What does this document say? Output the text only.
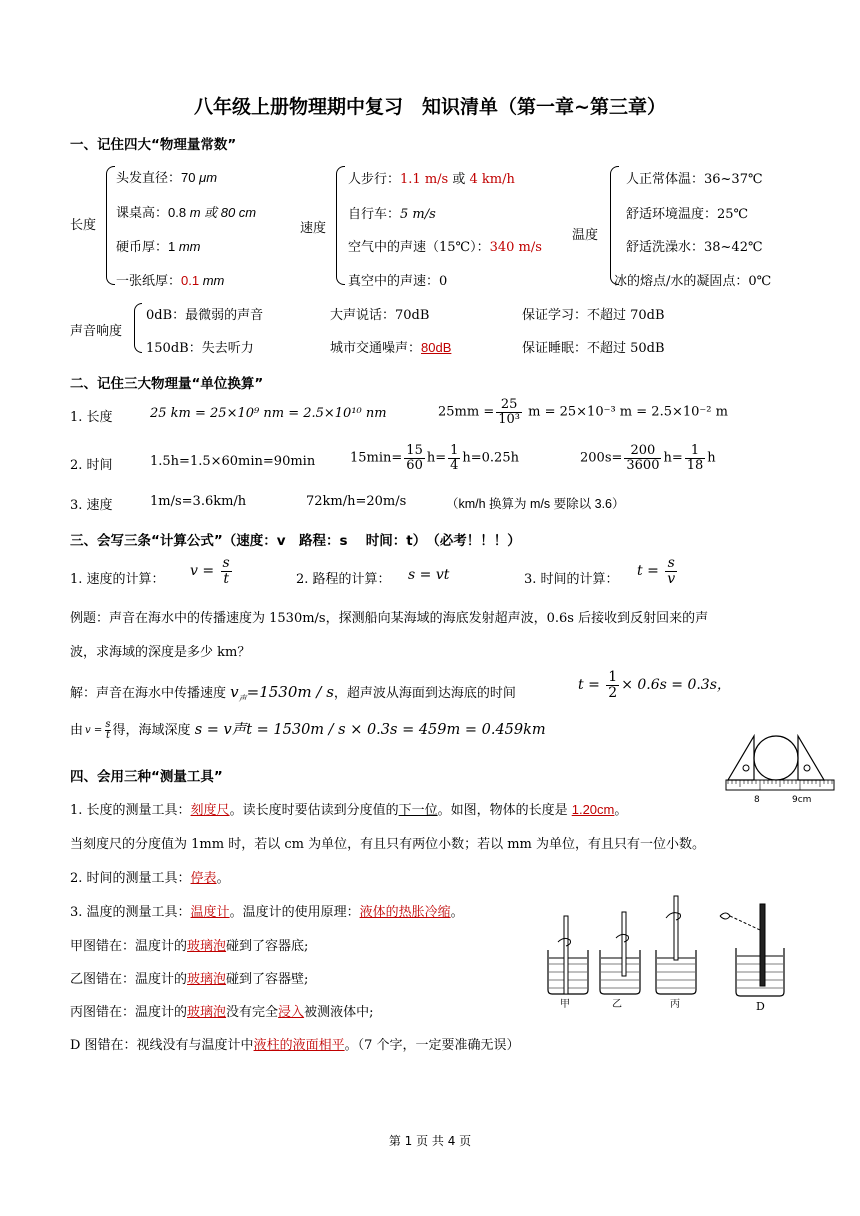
八年级上册物理期中复习　知识清单（第一章~第三章）
一、记住四大“物理量常数”
长度
头发直径：70 μm
课桌高：0.8 m 或 80 cm
硬币厚：1 mm
一张纸厚：0.1 mm
速度
人步行：1.1 m/s 或 4 km/h
自行车：5 m/s
空气中的声速（15℃）：340 m/s
真空中的声速：0
温度
人正常体温：36~37℃
舒适环境温度：25℃
舒适洗澡水：38~42℃
冰的熔点/水的凝固点：0℃
声音响度
0dB：最微弱的声音	大声说话：70dB	保证学习：不超过 70dB
150dB：失去听力	城市交通噪声：80dB	保证睡眠：不超过 50dB
二、记住三大物理量“单位换算”
1. 长度	25 km = 25×10⁹ nm = 2.5×10¹⁰ nm	$25mm = \frac{25}{\text{10³}}$ m = 25×10⁻³ m = 2.5×10⁻² m
2. 时间	1.5h=1.5×60min=90min	$15\min= \frac{15}{60} h= \frac{1}{4} h=0.25h$	$200s= \frac{200}{3600} h= \frac{1}{18}$ h
3. 速度	1m/s=3.6km/h	72km/h=20m/s	（km/h 换算为 m/s 要除以 3.6）
三、会写三条“计算公式”（速度：v　路程：s　 时间：t）　（必考！！！）
1. 速度的计算：
$v = \frac{s}{t}$	2. 路程的计算： s = vt	3. 时间的计算：
$t = \frac{s}{v}$
例题：声音在海水中的传播速度为 1530m/s，探测船向某海域的海底发射超声波，0.6s 后接收到反射回来的声
波，求海域的深度是多少 km？
解：声音在海水中传播速度 $v_声=1530m / s$，超声波从海面到达海底的时间
$t = \frac{1}{2} \times 0.6s = 0.3s$，
由 $v = \frac{s}{t}$ 得，海域深度 s = v声t = 1530m / s × 0.3s = 459m = 0.459km
四、会用三种“测量工具”
8	9cm
1. 长度的测量工具：刻度尺。读长度时要估读到分度值的下一位。如图，物体的长度是 1.20cm。
当刻度尺的分度值为 1mm 时，若以 cm 为单位，有且只有两位小数；若以 mm 为单位，有且只有一位小数。
2. 时间的测量工具：停表。
3. 温度的测量工具：温度计。温度计的使用原理：液体的热胀冷缩。
甲图错在：温度计的玻璃泡碰到了容器底;
乙图错在：温度计的玻璃泡碰到了容器壁;
丙图错在：温度计的玻璃泡没有完全浸入被测液体中;
D 图错在：视线没有与温度计中液柱的液面相平。（7 个字，一定要准确无误）
甲	乙	丙	D
第 1 页 共 4 页
